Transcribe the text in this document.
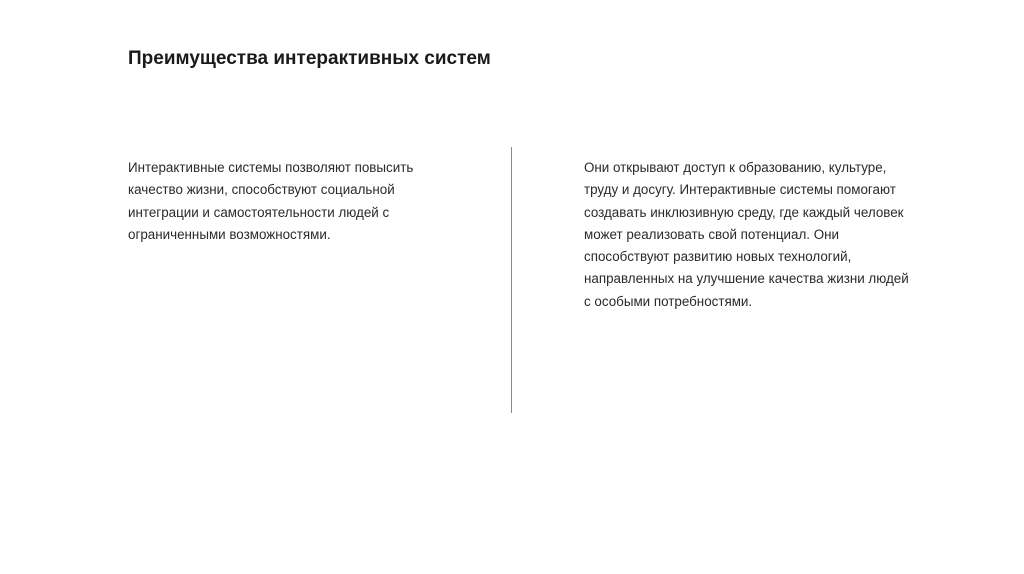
Преимущества интерактивных систем

Интерактивные системы позволяют повысить
качество жизни, способствуют социальной
интеграции и самостоятельности людей с
ограниченными возможностями.

Они открывают доступ к образованию, культуре,
труду и досугу. Интерактивные системы помогают
создавать инклюзивную среду, где каждый человек
может реализовать свой потенциал. Они
способствуют развитию новых технологий,
направленных на улучшение качества жизни людей
с особыми потребностями.
